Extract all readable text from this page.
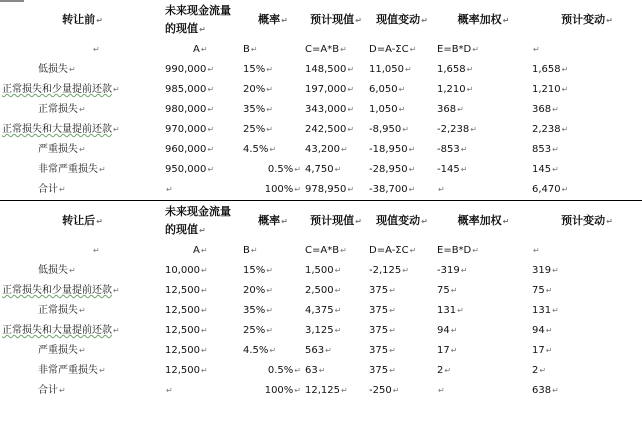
转让前↵	未来现金流量的现值↵	概率↵	预计现值↵	现值变动↵	概率加权↵	预计变动↵
↵	A↵	B↵	C=A*B↵	D=A-ΣC↵	E=B*D↵	↵
低损失↵	990,000↵	15%↵	148,500↵	11,050↵	1,658↵	1,658↵
正常损失和少量提前还款↵	985,000↵	20%↵	197,000↵	6,050↵	1,210↵	1,210↵
正常损失↵	980,000↵	35%↵	343,000↵	1,050↵	368↵	368↵
正常损失和大量提前还款↵	970,000↵	25%↵	242,500↵	-8,950↵	-2,238↵	2,238↵
严重损失↵	960,000↵	4.5%↵	43,200↵	-18,950↵	-853↵	853↵
非常严重损失↵	950,000↵	0.5%↵	4,750↵	-28,950↵	-145↵	145↵
合计↵	↵	100%↵	978,950↵	-38,700↵	↵	6,470↵
转让后↵	未来现金流量的现值↵	概率↵	预计现值↵	现值变动↵	概率加权↵	预计变动↵
↵	A↵	B↵	C=A*B↵	D=A-ΣC↵	E=B*D↵	↵
低损失↵	10,000↵	15%↵	1,500↵	-2,125↵	-319↵	319↵
正常损失和少量提前还款↵	12,500↵	20%↵	2,500↵	375↵	75↵	75↵
正常损失↵	12,500↵	35%↵	4,375↵	375↵	131↵	131↵
正常损失和大量提前还款↵	12,500↵	25%↵	3,125↵	375↵	94↵	94↵
严重损失↵	12,500↵	4.5%↵	563↵	375↵	17↵	17↵
非常严重损失↵	12,500↵	0.5%↵	63↵	375↵	2↵	2↵
合计↵	↵	100%↵	12,125↵	-250↵	↵	638↵
